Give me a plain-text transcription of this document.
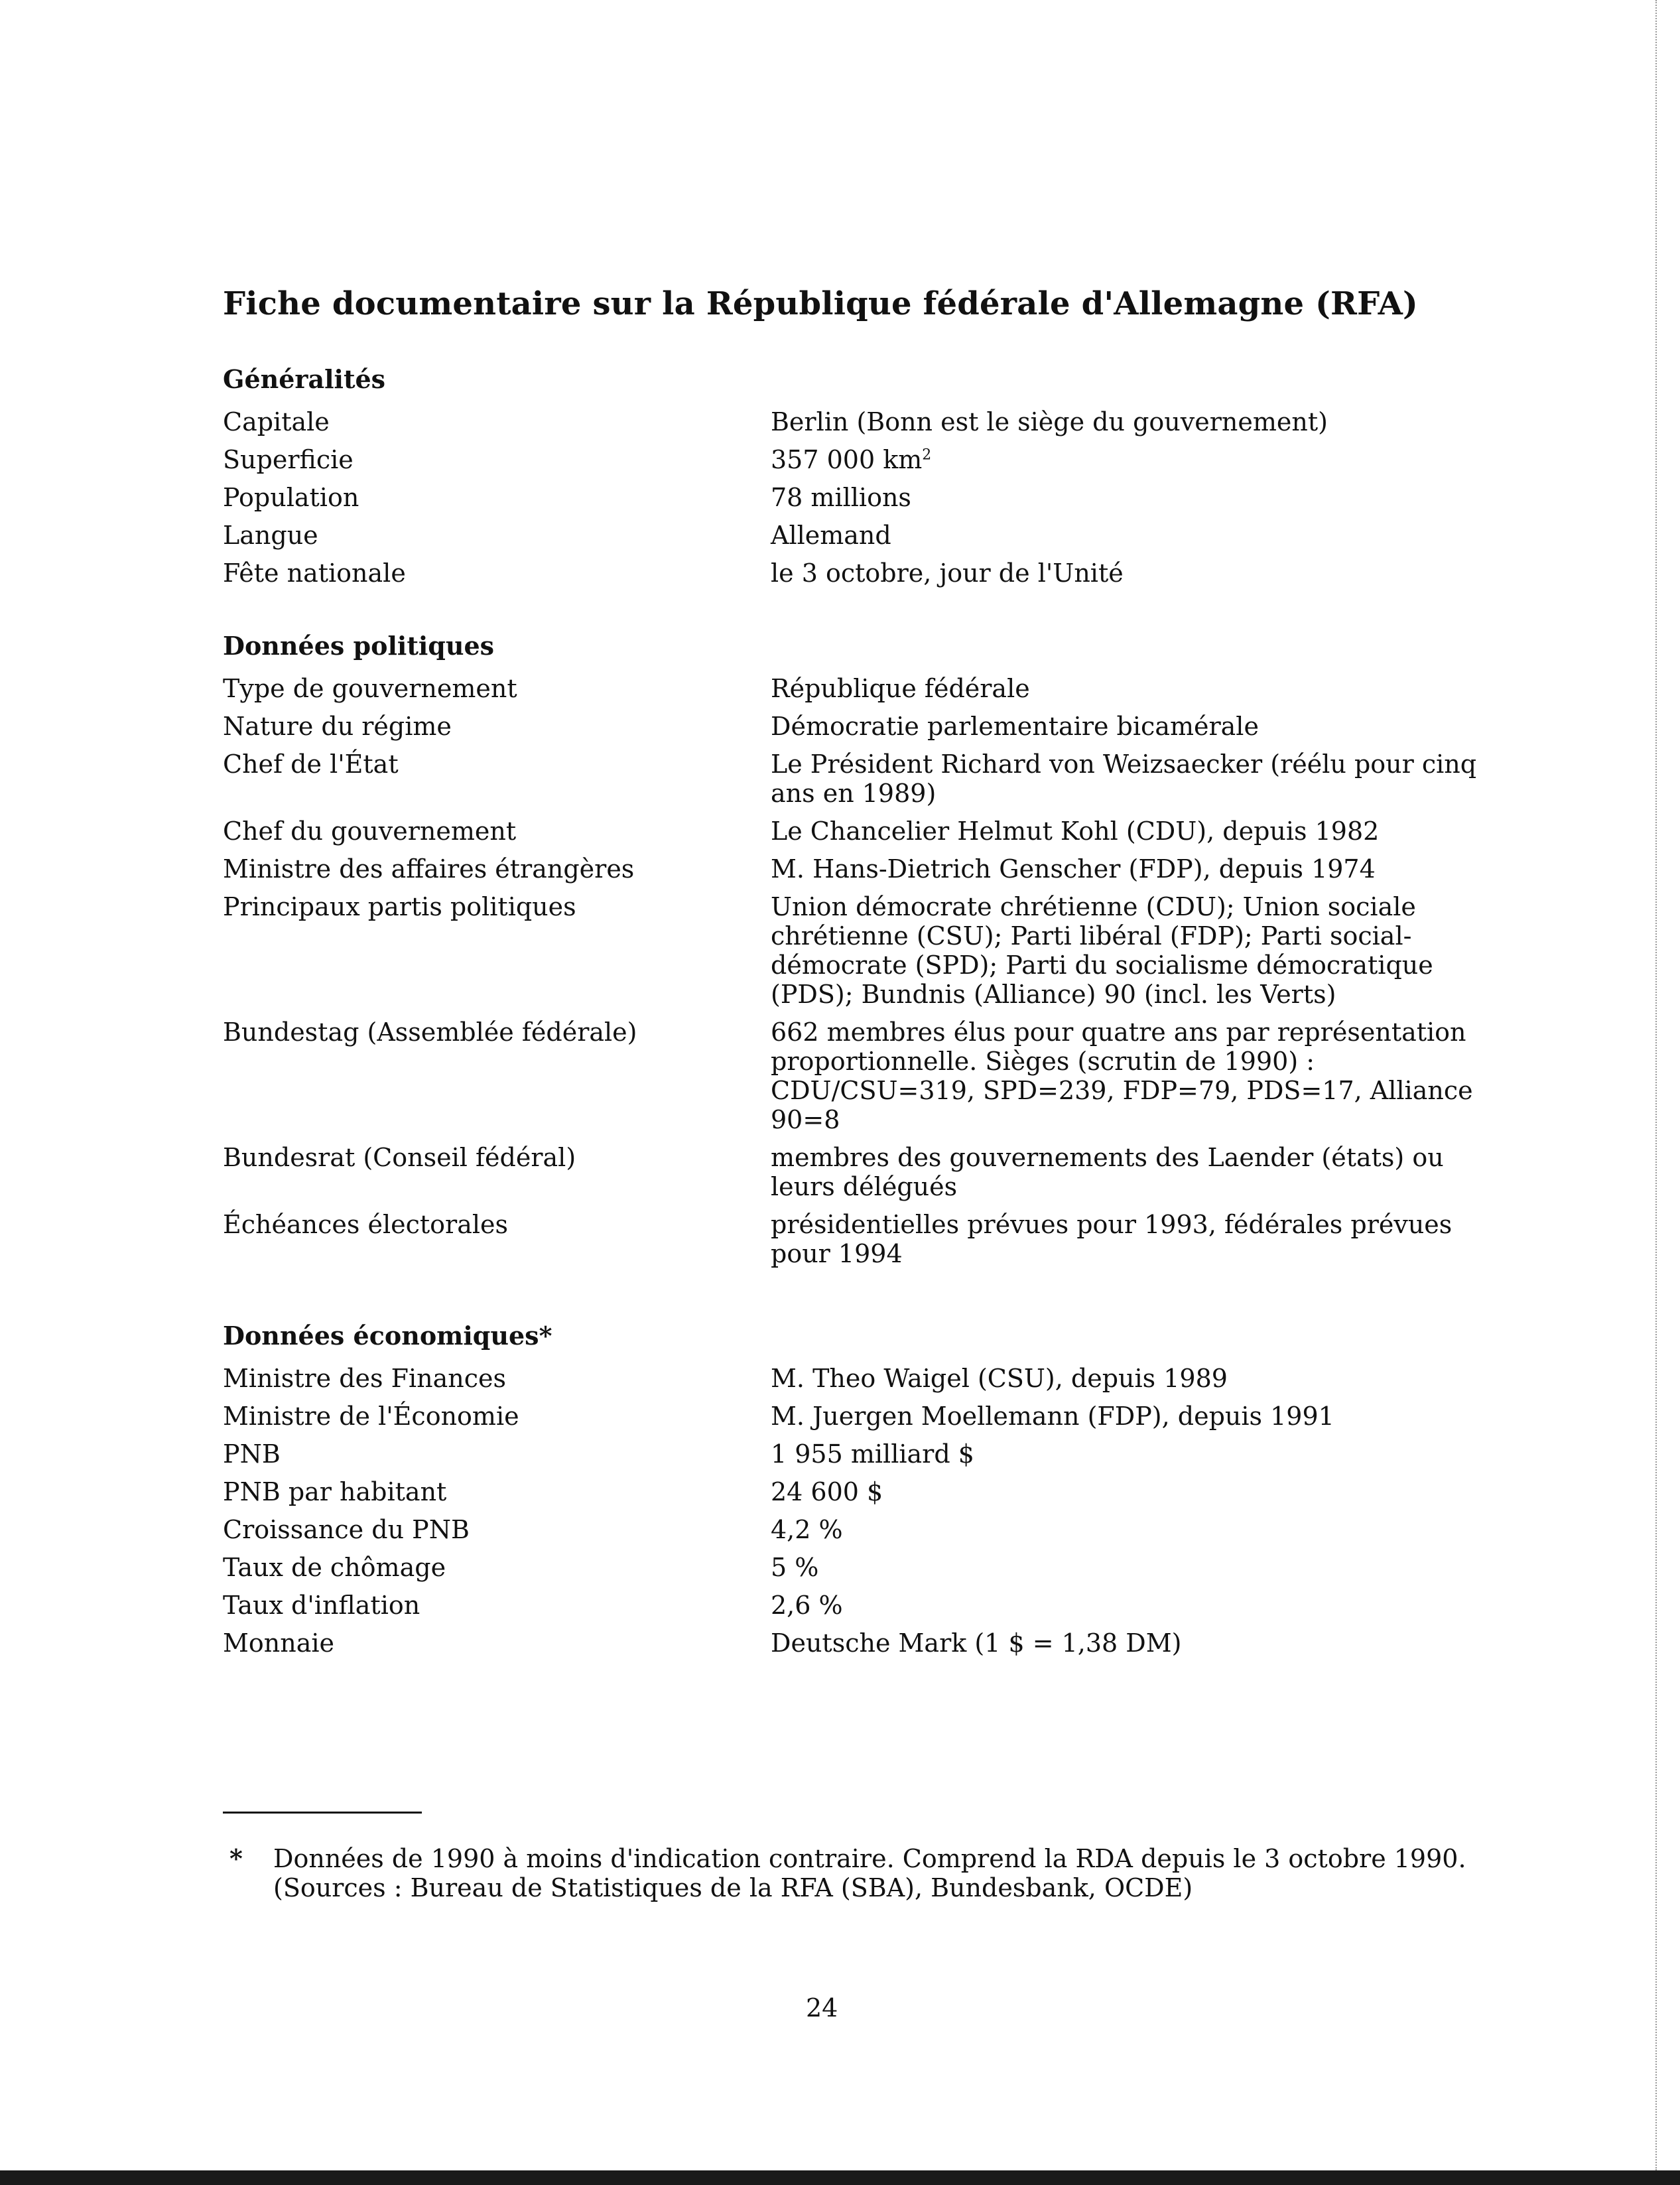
Fiche documentaire sur la République fédérale d'Allemagne (RFA)
Généralités
Capitale	Berlin (Bonn est le siège du gouvernement)
Superficie	357 000 $km^2$
Population	78 millions
Langue	Allemand
Fête nationale	le 3 octobre, jour de l'Unité
Données politiques
Type de gouvernement	République fédérale
Nature du régime	Démocratie parlementaire bicamérale
Chef de l'État	Le Président Richard von Weizsaecker (réélu pour cinq ans en 1989)
Chef du gouvernement	Le Chancelier Helmut Kohl (CDU), depuis 1982
Ministre des affaires étrangères	M. Hans-Dietrich Genscher (FDP), depuis 1974
Principaux partis politiques	Union démocrate chrétienne (CDU); Union sociale chrétienne (CSU); Parti libéral (FDP); Parti social-démocrate (SPD); Parti du socialisme démocratique (PDS); Bundnis (Alliance) 90 (incl. les Verts)
Bundestag (Assemblée fédérale)	662 membres élus pour quatre ans par représentation proportionnelle. Sièges (scrutin de 1990) : CDU/CSU=319, SPD=239, FDP=79, PDS=17, Alliance 90=8
Bundesrat (Conseil fédéral)	membres des gouvernements des Laender (états) ou leurs délégués
Échéances électorales	présidentielles prévues pour 1993, fédérales prévues pour 1994
Données économiques*
Ministre des Finances	M. Theo Waigel (CSU), depuis 1989
Ministre de l'Économie	M. Juergen Moellemann (FDP), depuis 1991
PNB	1 955 milliard $
PNB par habitant	24 600 $
Croissance du PNB	4,2 %
Taux de chômage	5 %
Taux d'inflation	2,6 %
Monnaie	Deutsche Mark (1 $ = 1,38 DM)
* Données de 1990 à moins d'indication contraire. Comprend la RDA depuis le 3 octobre 1990.
(Sources : Bureau de Statistiques de la RFA (SBA), Bundesbank, OCDE)
24
